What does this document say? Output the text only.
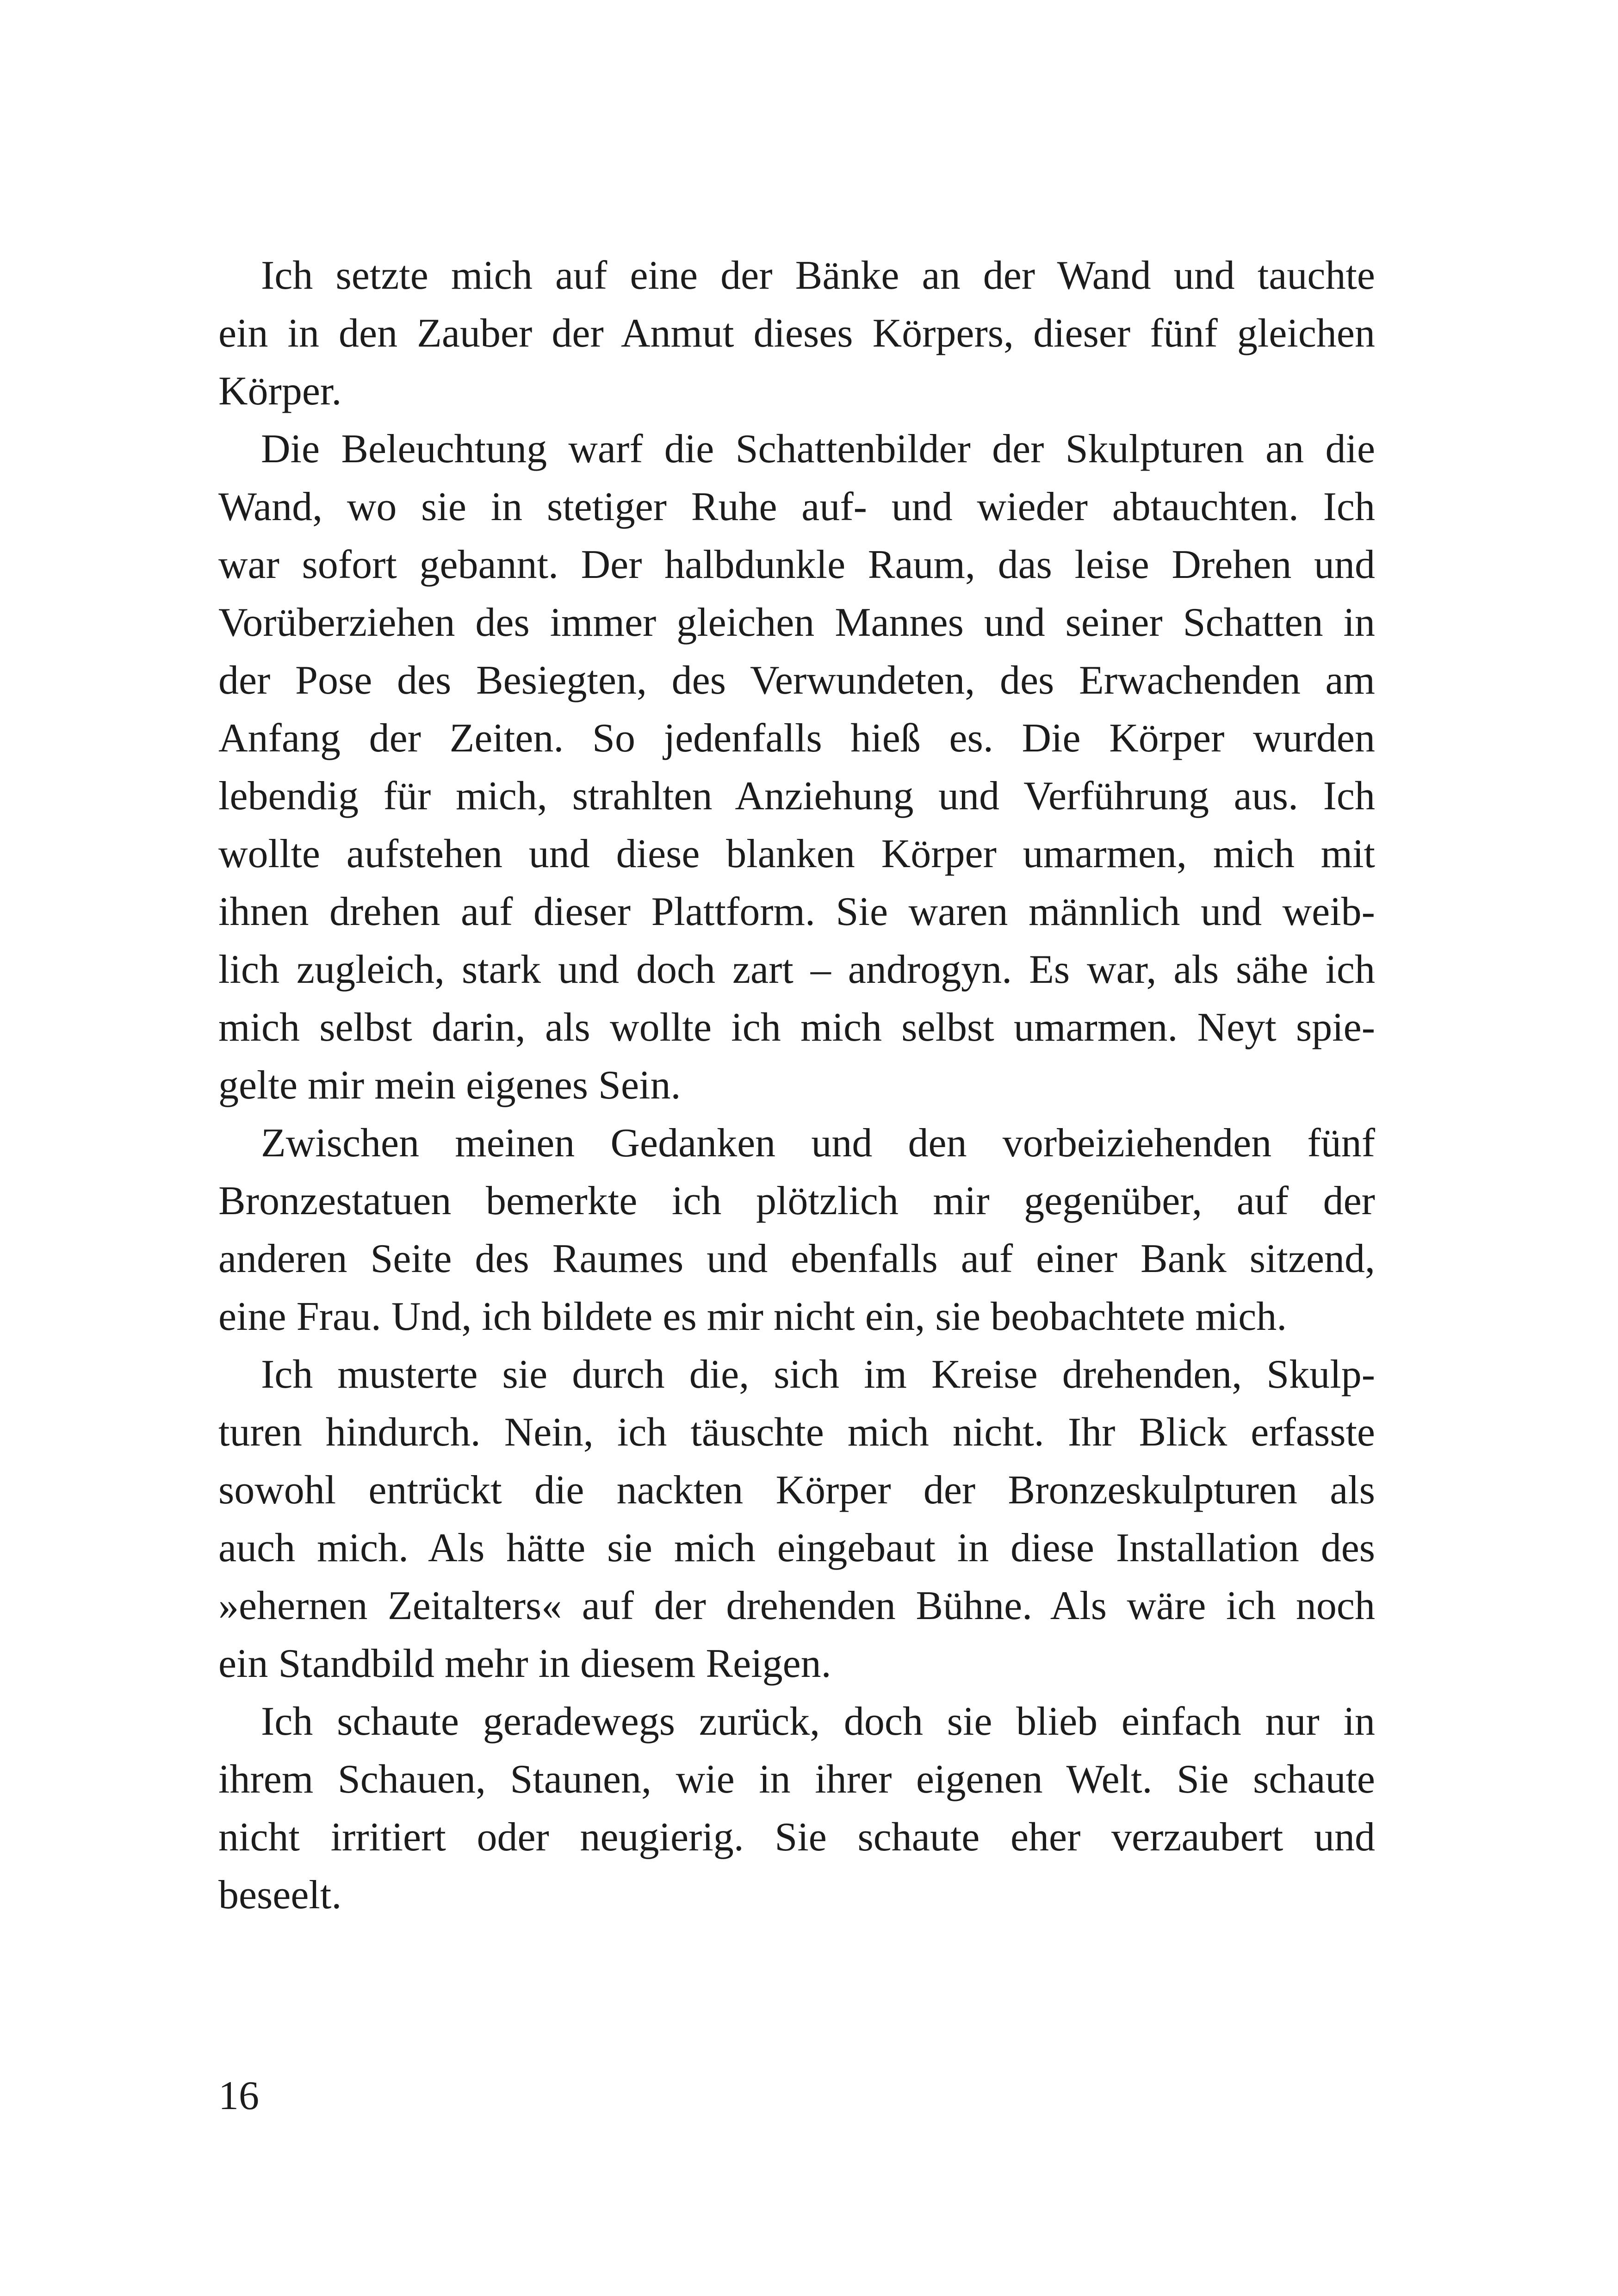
Ich setzte mich auf eine der Bänke an der Wand und tauchte
ein in den Zauber der Anmut dieses Körpers, dieser fünf gleichen
Körper.
Die Beleuchtung warf die Schattenbilder der Skulpturen an die
Wand, wo sie in stetiger Ruhe auf- und wieder abtauchten. Ich
war sofort gebannt. Der halbdunkle Raum, das leise Drehen und
Vorüberziehen des immer gleichen Mannes und seiner Schatten in
der Pose des Besiegten, des Verwundeten, des Erwachenden am
Anfang der Zeiten. So jedenfalls hieß es. Die Körper wurden
lebendig für mich, strahlten Anziehung und Verführung aus. Ich
wollte aufstehen und diese blanken Körper umarmen, mich mit
ihnen drehen auf dieser Plattform. Sie waren männlich und weib-
lich zugleich, stark und doch zart – androgyn. Es war, als sähe ich
mich selbst darin, als wollte ich mich selbst umarmen. Neyt spie-
gelte mir mein eigenes Sein.
Zwischen meinen Gedanken und den vorbeiziehenden fünf
Bronzestatuen bemerkte ich plötzlich mir gegenüber, auf der
anderen Seite des Raumes und ebenfalls auf einer Bank sitzend,
eine Frau. Und, ich bildete es mir nicht ein, sie beobachtete mich.
Ich musterte sie durch die, sich im Kreise drehenden, Skulp-
turen hindurch. Nein, ich täuschte mich nicht. Ihr Blick erfasste
sowohl entrückt die nackten Körper der Bronzeskulpturen als
auch mich. Als hätte sie mich eingebaut in diese Installation des
»ehernen Zeitalters« auf der drehenden Bühne. Als wäre ich noch
ein Standbild mehr in diesem Reigen.
Ich schaute geradewegs zurück, doch sie blieb einfach nur in
ihrem Schauen, Staunen, wie in ihrer eigenen Welt. Sie schaute
nicht irritiert oder neugierig. Sie schaute eher verzaubert und
beseelt.
16
